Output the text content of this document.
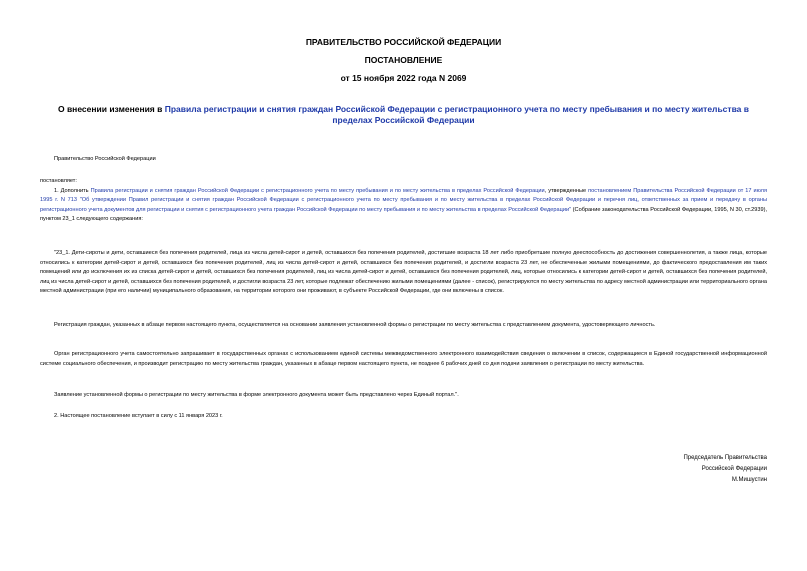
ПРАВИТЕЛЬСТВО РОССИЙСКОЙ ФЕДЕРАЦИИ
ПОСТАНОВЛЕНИЕ
от 15 ноября 2022 года N 2069
О внесении изменения в Правила регистрации и снятия граждан Российской Федерации с регистрационного учета по месту пребывания и по месту жительства в пределах Российской Федерации

Правительство Российской Федерации

постановляет:

1. Дополнить Правила регистрации и снятия граждан Российской Федерации с регистрационного учета по месту пребывания и по месту жительства в пределах Российской Федерации, утвержденные постановлением Правительства Российской Федерации от 17 июля 1995 г. N 713 "Об утверждении Правил регистрации и снятия граждан Российской Федерации с регистрационного учета по месту пребывания и по месту жительства в пределах Российской Федерации и перечня лиц, ответственных за прием и передачу в органы регистрационного учета документов для регистрации и снятия с регистрационного учета граждан Российской Федерации по месту пребывания и по месту жительства в пределах Российской Федерации" (Собрание законодательства Российской Федерации, 1995, N 30, ст.2939), пунктом 23_1 следующего содержания:

"23_1. Дети-сироты и дети, оставшиеся без попечения родителей, лица из числа детей-сирот и детей, оставшихся без попечения родителей, достигшие возраста 18 лет либо приобретшие полную дееспособность до достижения совершеннолетия, а также лица, которые относились к категории детей-сирот и детей, оставшихся без попечения родителей, лиц из числа детей-сирот и детей, оставшихся без попечения родителей, и достигли возраста 23 лет, не обеспеченные жилыми помещениями, до фактического предоставления им таких помещений или до исключения их из списка детей-сирот и детей, оставшихся без попечения родителей, лиц из числа детей-сирот и детей, оставшихся без попечения родителей, лиц, которые относились к категории детей-сирот и детей, оставшихся без попечения родителей, лиц из числа детей-сирот и детей, оставшихся без попечения родителей, и достигли возраста 23 лет, которые подлежат обеспечению жилыми помещениями (далее - список), регистрируются по месту жительства по адресу местной администрации или территориального органа местной администрации (при его наличии) муниципального образования, на территории которого они проживают, в субъекте Российской Федерации, где они включены в список.

Регистрация граждан, указанных в абзаце первом настоящего пункта, осуществляется на основании заявления установленной формы о регистрации по месту жительства с представлением документа, удостоверяющего личность.

Орган регистрационного учета самостоятельно запрашивает в государственных органах с использованием единой системы межведомственного электронного взаимодействия сведения о включении в список, содержащиеся в Единой государственной информационной системе социального обеспечения, и производит регистрацию по месту жительства граждан, указанных в абзаце первом настоящего пункта, не позднее 6 рабочих дней со дня подачи заявления о регистрации по месту жительства.

Заявление установленной формы о регистрации по месту жительства в форме электронного документа может быть представлено через Единый портал.".

2. Настоящее постановление вступает в силу с 11 января 2023 г.

Председатель Правительства
Российской Федерации
М.Мишустин
